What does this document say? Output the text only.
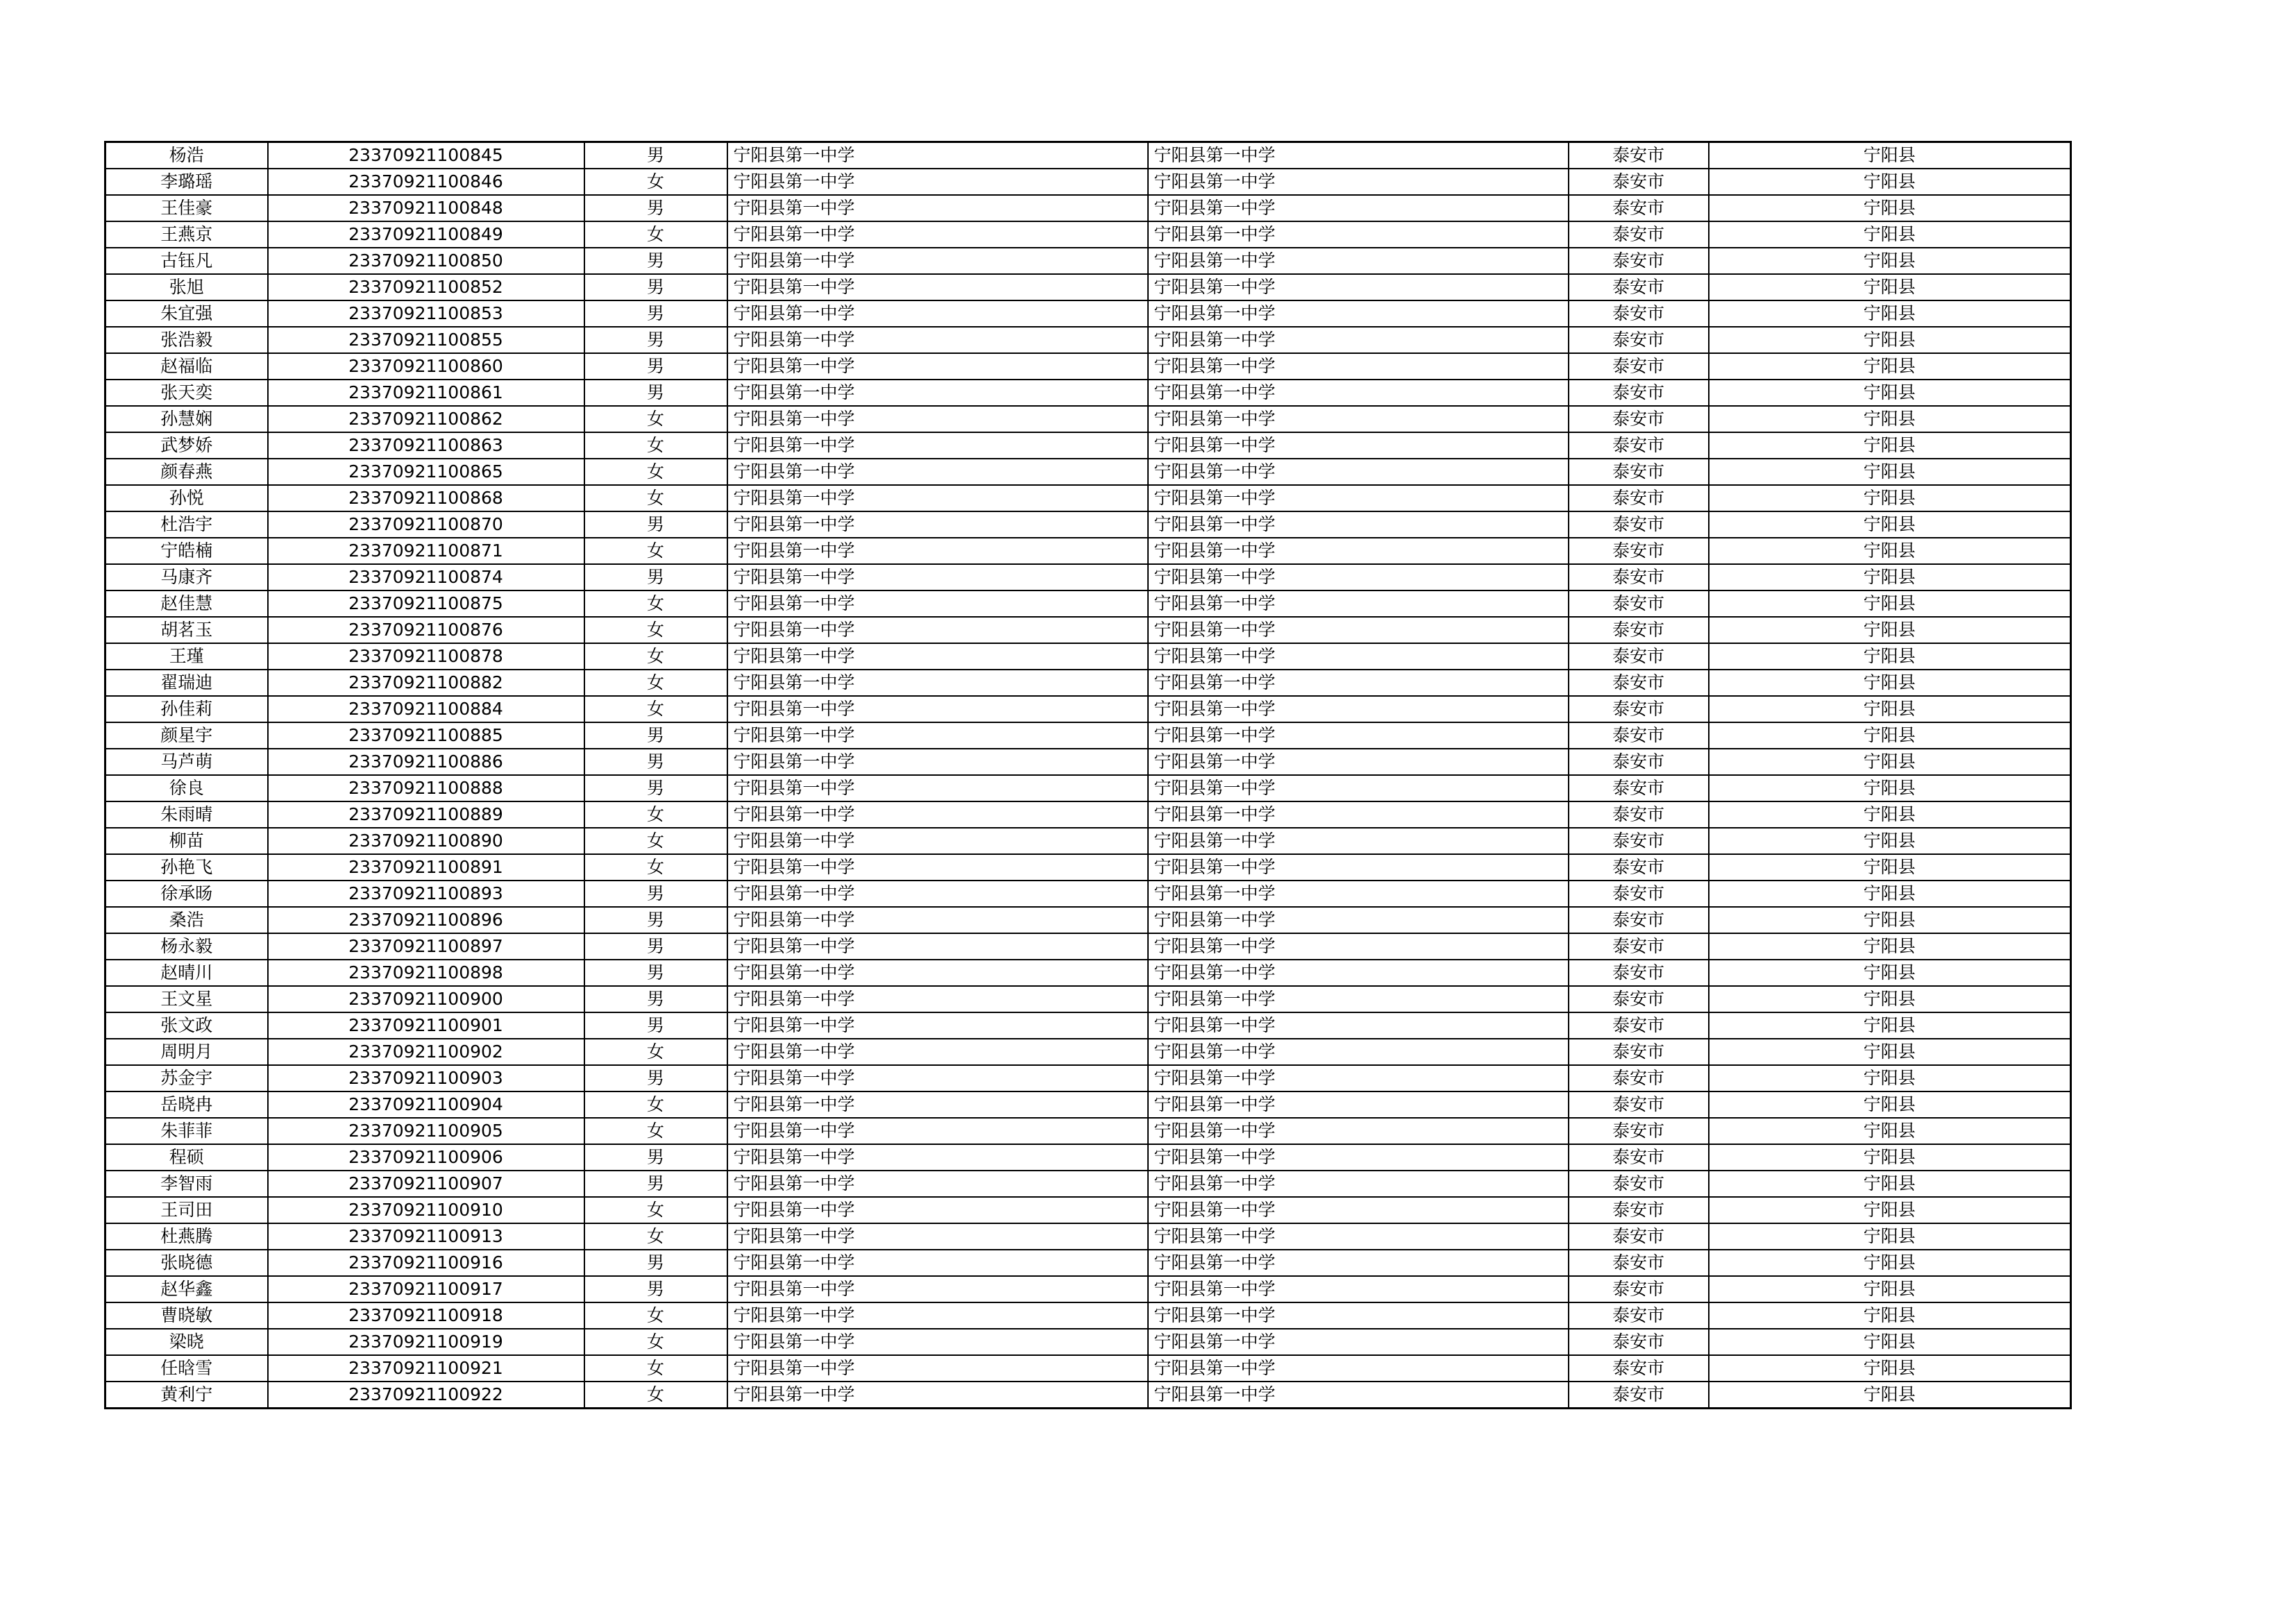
杨浩	23370921100845	男	宁阳县第一中学	宁阳县第一中学	泰安市	宁阳县
李璐瑶	23370921100846	女	宁阳县第一中学	宁阳县第一中学	泰安市	宁阳县
王佳豪	23370921100848	男	宁阳县第一中学	宁阳县第一中学	泰安市	宁阳县
王燕京	23370921100849	女	宁阳县第一中学	宁阳县第一中学	泰安市	宁阳县
古钰凡	23370921100850	男	宁阳县第一中学	宁阳县第一中学	泰安市	宁阳县
张旭	23370921100852	男	宁阳县第一中学	宁阳县第一中学	泰安市	宁阳县
朱宜强	23370921100853	男	宁阳县第一中学	宁阳县第一中学	泰安市	宁阳县
张浩毅	23370921100855	男	宁阳县第一中学	宁阳县第一中学	泰安市	宁阳县
赵福临	23370921100860	男	宁阳县第一中学	宁阳县第一中学	泰安市	宁阳县
张天奕	23370921100861	男	宁阳县第一中学	宁阳县第一中学	泰安市	宁阳县
孙慧娴	23370921100862	女	宁阳县第一中学	宁阳县第一中学	泰安市	宁阳县
武梦娇	23370921100863	女	宁阳县第一中学	宁阳县第一中学	泰安市	宁阳县
颜春燕	23370921100865	女	宁阳县第一中学	宁阳县第一中学	泰安市	宁阳县
孙悦	23370921100868	女	宁阳县第一中学	宁阳县第一中学	泰安市	宁阳县
杜浩宇	23370921100870	男	宁阳县第一中学	宁阳县第一中学	泰安市	宁阳县
宁皓楠	23370921100871	女	宁阳县第一中学	宁阳县第一中学	泰安市	宁阳县
马康齐	23370921100874	男	宁阳县第一中学	宁阳县第一中学	泰安市	宁阳县
赵佳慧	23370921100875	女	宁阳县第一中学	宁阳县第一中学	泰安市	宁阳县
胡茗玉	23370921100876	女	宁阳县第一中学	宁阳县第一中学	泰安市	宁阳县
王瑾	23370921100878	女	宁阳县第一中学	宁阳县第一中学	泰安市	宁阳县
翟瑞迪	23370921100882	女	宁阳县第一中学	宁阳县第一中学	泰安市	宁阳县
孙佳莉	23370921100884	女	宁阳县第一中学	宁阳县第一中学	泰安市	宁阳县
颜星宇	23370921100885	男	宁阳县第一中学	宁阳县第一中学	泰安市	宁阳县
马芦萌	23370921100886	男	宁阳县第一中学	宁阳县第一中学	泰安市	宁阳县
徐良	23370921100888	男	宁阳县第一中学	宁阳县第一中学	泰安市	宁阳县
朱雨晴	23370921100889	女	宁阳县第一中学	宁阳县第一中学	泰安市	宁阳县
柳苗	23370921100890	女	宁阳县第一中学	宁阳县第一中学	泰安市	宁阳县
孙艳飞	23370921100891	女	宁阳县第一中学	宁阳县第一中学	泰安市	宁阳县
徐承旸	23370921100893	男	宁阳县第一中学	宁阳县第一中学	泰安市	宁阳县
桑浩	23370921100896	男	宁阳县第一中学	宁阳县第一中学	泰安市	宁阳县
杨永毅	23370921100897	男	宁阳县第一中学	宁阳县第一中学	泰安市	宁阳县
赵晴川	23370921100898	男	宁阳县第一中学	宁阳县第一中学	泰安市	宁阳县
王文星	23370921100900	男	宁阳县第一中学	宁阳县第一中学	泰安市	宁阳县
张文政	23370921100901	男	宁阳县第一中学	宁阳县第一中学	泰安市	宁阳县
周明月	23370921100902	女	宁阳县第一中学	宁阳县第一中学	泰安市	宁阳县
苏金宇	23370921100903	男	宁阳县第一中学	宁阳县第一中学	泰安市	宁阳县
岳晓冉	23370921100904	女	宁阳县第一中学	宁阳县第一中学	泰安市	宁阳县
朱菲菲	23370921100905	女	宁阳县第一中学	宁阳县第一中学	泰安市	宁阳县
程硕	23370921100906	男	宁阳县第一中学	宁阳县第一中学	泰安市	宁阳县
李智雨	23370921100907	男	宁阳县第一中学	宁阳县第一中学	泰安市	宁阳县
王司田	23370921100910	女	宁阳县第一中学	宁阳县第一中学	泰安市	宁阳县
杜燕腾	23370921100913	女	宁阳县第一中学	宁阳县第一中学	泰安市	宁阳县
张晓德	23370921100916	男	宁阳县第一中学	宁阳县第一中学	泰安市	宁阳县
赵华鑫	23370921100917	男	宁阳县第一中学	宁阳县第一中学	泰安市	宁阳县
曹晓敏	23370921100918	女	宁阳县第一中学	宁阳县第一中学	泰安市	宁阳县
梁晓	23370921100919	女	宁阳县第一中学	宁阳县第一中学	泰安市	宁阳县
任晗雪	23370921100921	女	宁阳县第一中学	宁阳县第一中学	泰安市	宁阳县
黄利宁	23370921100922	女	宁阳县第一中学	宁阳县第一中学	泰安市	宁阳县
